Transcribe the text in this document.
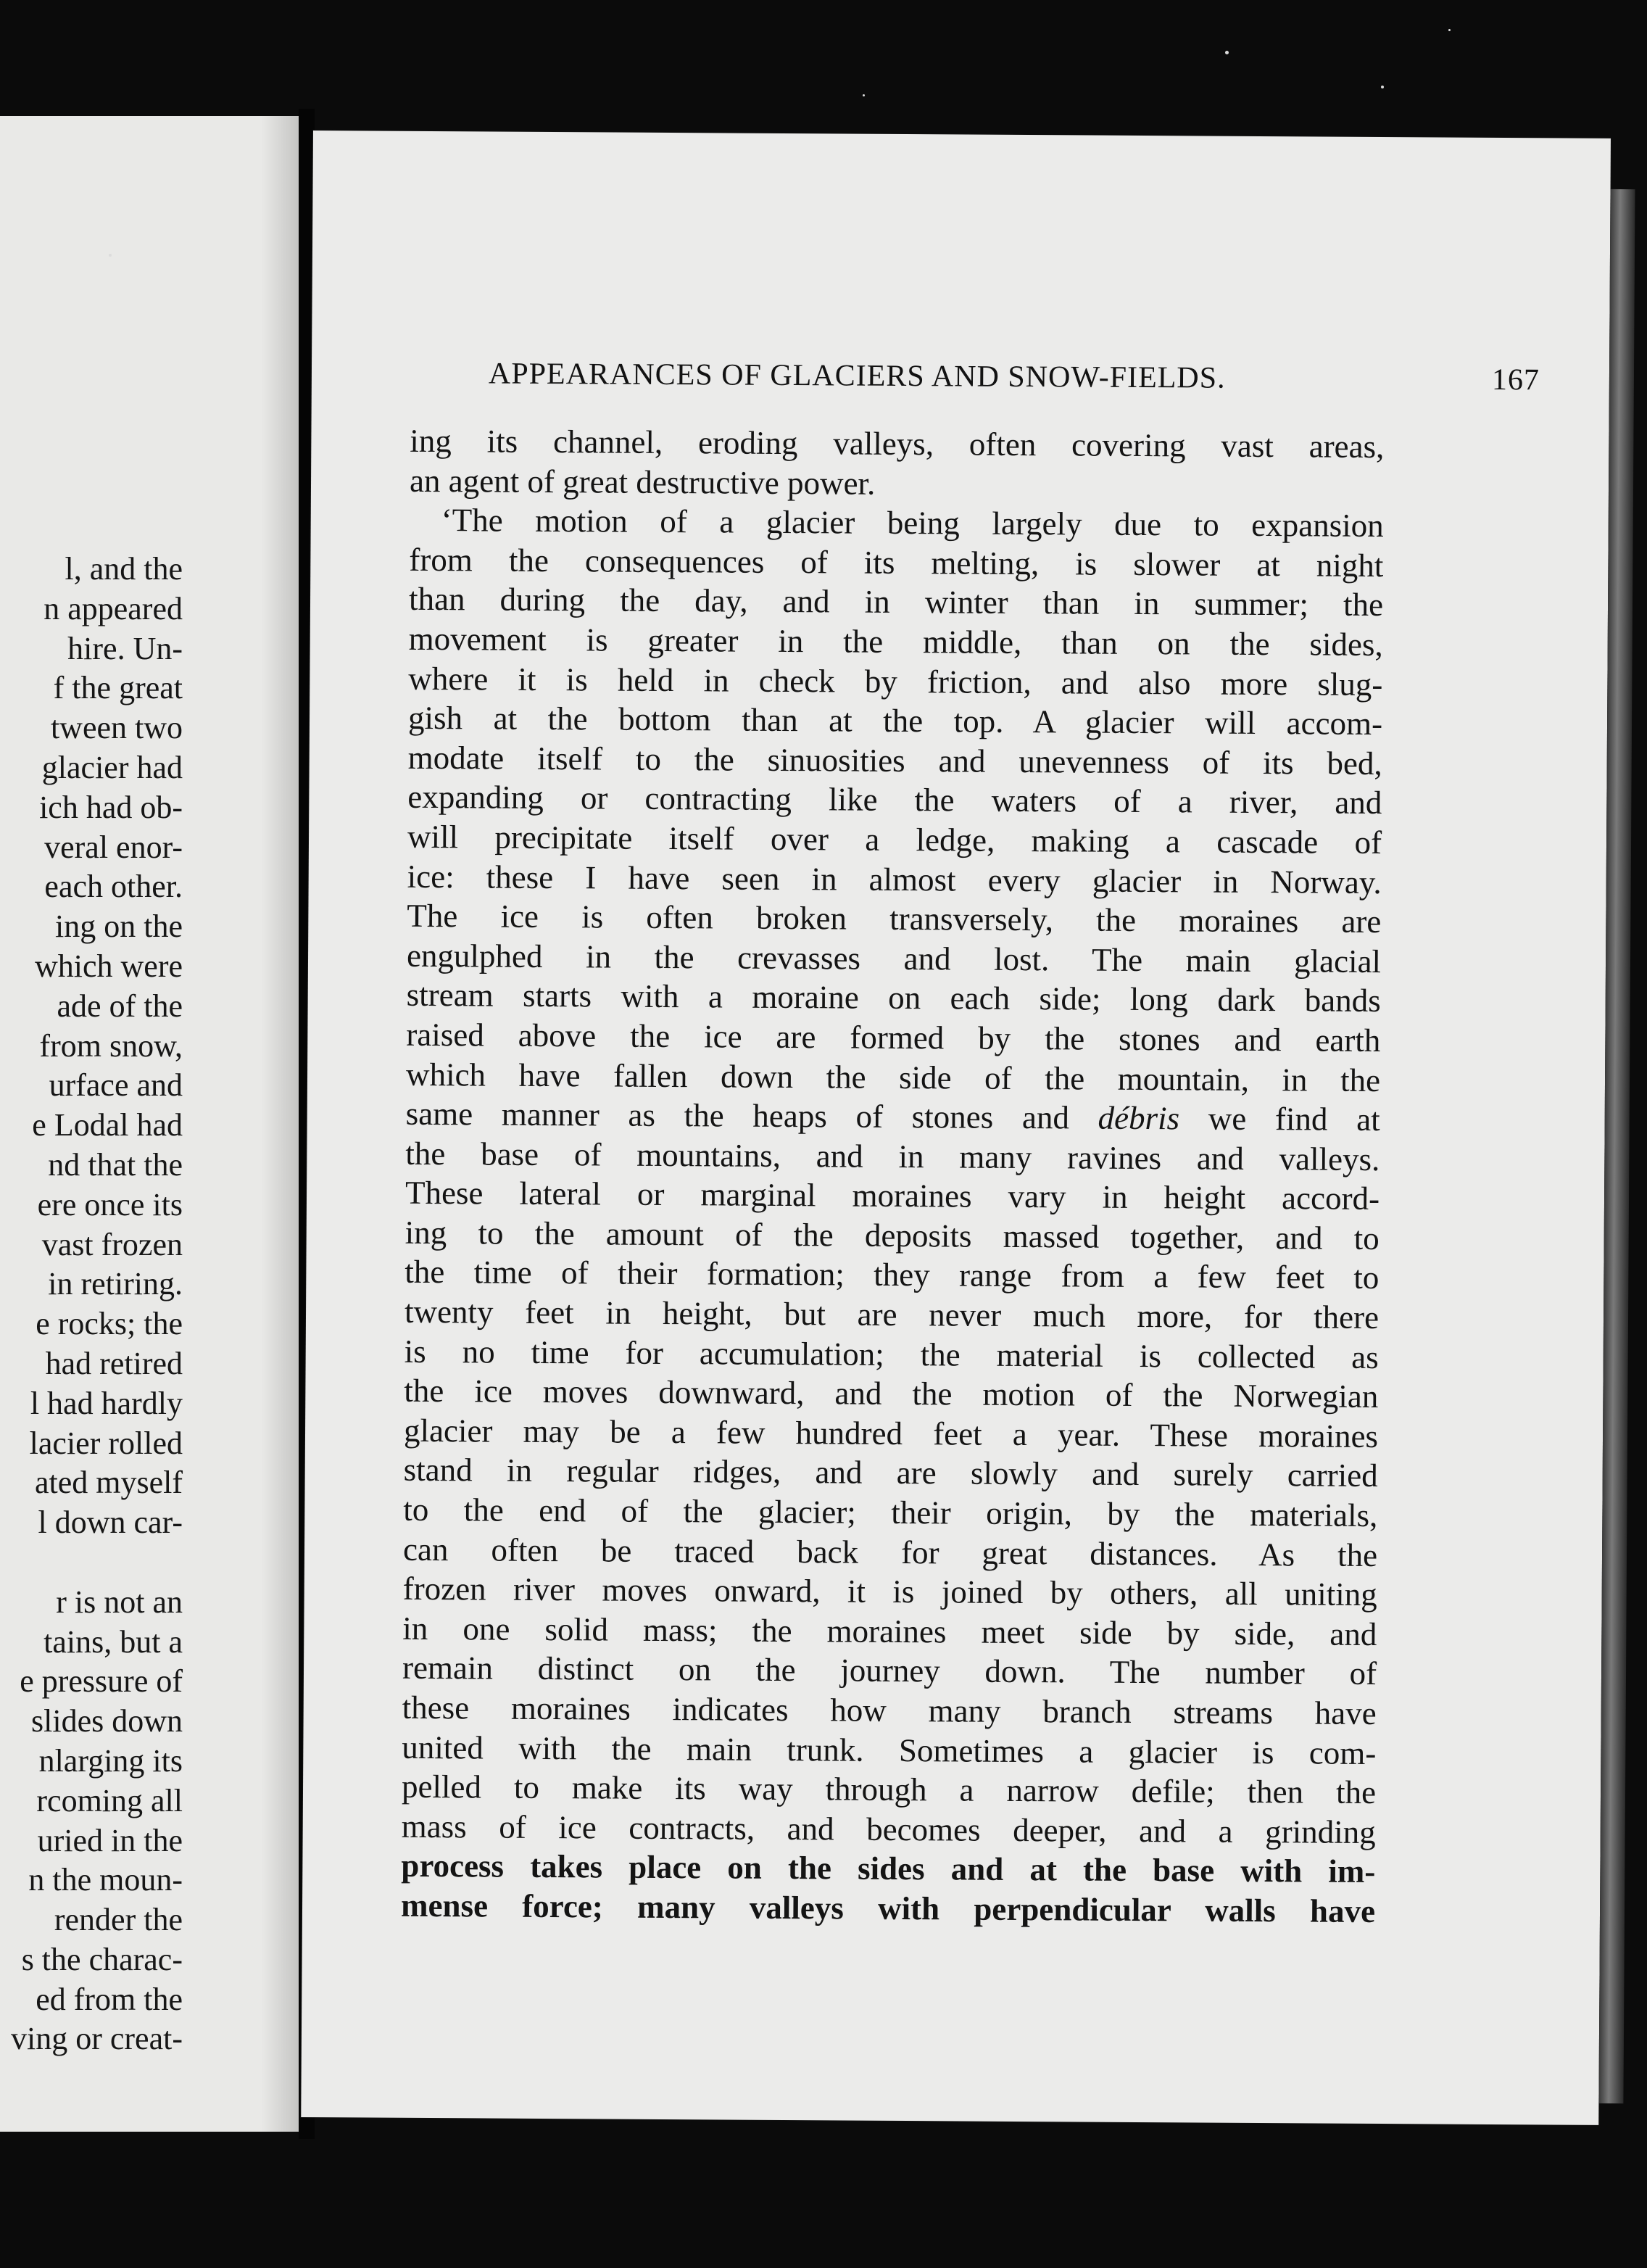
l, and the
n appeared
hire. Un-
f the great
tween two
glacier had
ich had ob-
veral enor-
each other.
ing on the
which were
ade of the
from snow,
urface and
e Lodal had
nd that the
ere once its
vast frozen
in retiring.
e rocks; the
had retired
l had hardly
lacier rolled
ated myself
l down car-
r is not an
tains, but a
e pressure of
slides down
nlarging its
rcoming all
uried in the
n the moun-
render the
s the charac-
ed from the
ving or creat-
APPEARANCES OF GLACIERS AND SNOW-FIELDS.	167
ing its channel, eroding valleys, often covering vast areas,
an agent of great destructive power.
‘The motion of a glacier being largely due to expansion
from the consequences of its melting, is slower at night
than during the day, and in winter than in summer; the
movement is greater in the middle, than on the sides,
where it is held in check by friction, and also more slug-
gish at the bottom than at the top. A glacier will accom-
modate itself to the sinuosities and unevenness of its bed,
expanding or contracting like the waters of a river, and
will precipitate itself over a ledge, making a cascade of
ice: these I have seen in almost every glacier in Norway.
The ice is often broken transversely, the moraines are
engulphed in the crevasses and lost. The main glacial
stream starts with a moraine on each side; long dark bands
raised above the ice are formed by the stones and earth
which have fallen down the side of the mountain, in the
same manner as the heaps of stones and débris we find at
the base of mountains, and in many ravines and valleys.
These lateral or marginal moraines vary in height accord-
ing to the amount of the deposits massed together, and to
the time of their formation; they range from a few feet to
twenty feet in height, but are never much more, for there
is no time for accumulation; the material is collected as
the ice moves downward, and the motion of the Norwegian
glacier may be a few hundred feet a year. These moraines
stand in regular ridges, and are slowly and surely carried
to the end of the glacier; their origin, by the materials,
can often be traced back for great distances. As the
frozen river moves onward, it is joined by others, all uniting
in one solid mass; the moraines meet side by side, and
remain distinct on the journey down. The number of
these moraines indicates how many branch streams have
united with the main trunk. Sometimes a glacier is com-
pelled to make its way through a narrow defile; then the
mass of ice contracts, and becomes deeper, and a grinding
process takes place on the sides and at the base with im-
mense force; many valleys with perpendicular walls have
